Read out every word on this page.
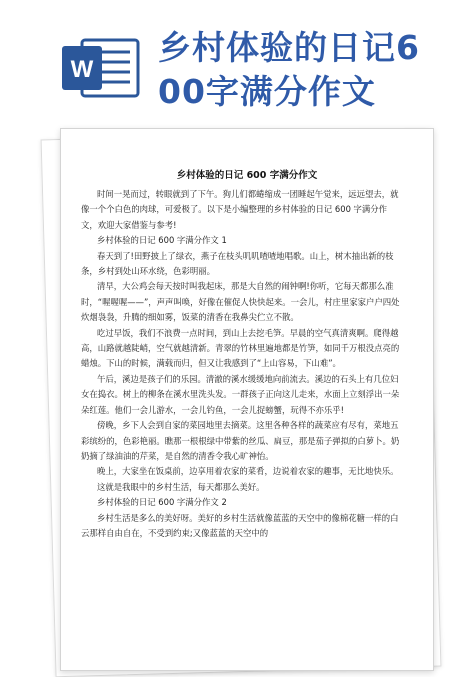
W
乡村体验的日记6
00字满分作文
乡村体验的日记 600 字满分作文

时间一晃而过，转眼就到了下午。狗儿们都蜷缩成一团睡起午觉来，远远望去，就像一个个白色的肉球，可爱极了。以下是小编整理的乡村体验的日记 600 字满分作文，欢迎大家借鉴与参考!

乡村体验的日记 600 字满分作文 1

春天到了!田野披上了绿衣，燕子在枝头叽叽喳喳地唱歌。山上，树木抽出新的枝条，乡村到处山环水绕，色彩明丽。

清早，大公鸡会每天按时叫我起床，那是大自然的闹钟啊!你听，它每天都那么准时，“喔喔喔——”，声声叫唤，好像在催促人快快起来。一会儿，村庄里家家户户四处炊烟袅袅，升腾的细如雾，饭菜的清香在我鼻尖伫立不散。

吃过早饭，我们不浪费一点时间，到山上去挖毛笋。早晨的空气真清爽啊。爬得越高，山路就越陡峭，空气就越清新。青翠的竹林里遍地都是竹笋，如同千万根没点亮的蜡烛。下山的时候，满载而归，但又让我感到了“上山容易，下山难”。

午后，溪边是孩子们的乐园。清澈的溪水缓缓地向前流去。溪边的石头上有几位妇女在捣衣。树上的柳条在溪水里洗头发。一群孩子正向这儿走来，水面上立刻浮出一朵朵红莲。他们一会儿游水，一会儿钓鱼，一会儿捉螃蟹，玩得不亦乐乎!

傍晚，乡下人会到自家的菜园地里去摘菜。这里各种各样的蔬菜应有尽有，菜地五彩缤纷的，色彩艳丽。瞧那一根根绿中带紫的丝瓜、扁豆，那是茄子弹拟的白萝卜。奶奶摘了绿油油的芹菜，是自然的清香令我心旷神怡。

晚上，大家坐在饭桌前，边享用着农家的菜肴，边说着农家的趣事，无比地快乐。

这就是我眼中的乡村生活，每天都那么美好。

乡村体验的日记 600 字满分作文 2

乡村生活是多么的美好呀。美好的乡村生活就像蓝蓝的天空中的像棉花糖一样的白云那样自由自在，不受到约束;又像蓝蓝的天空中的
